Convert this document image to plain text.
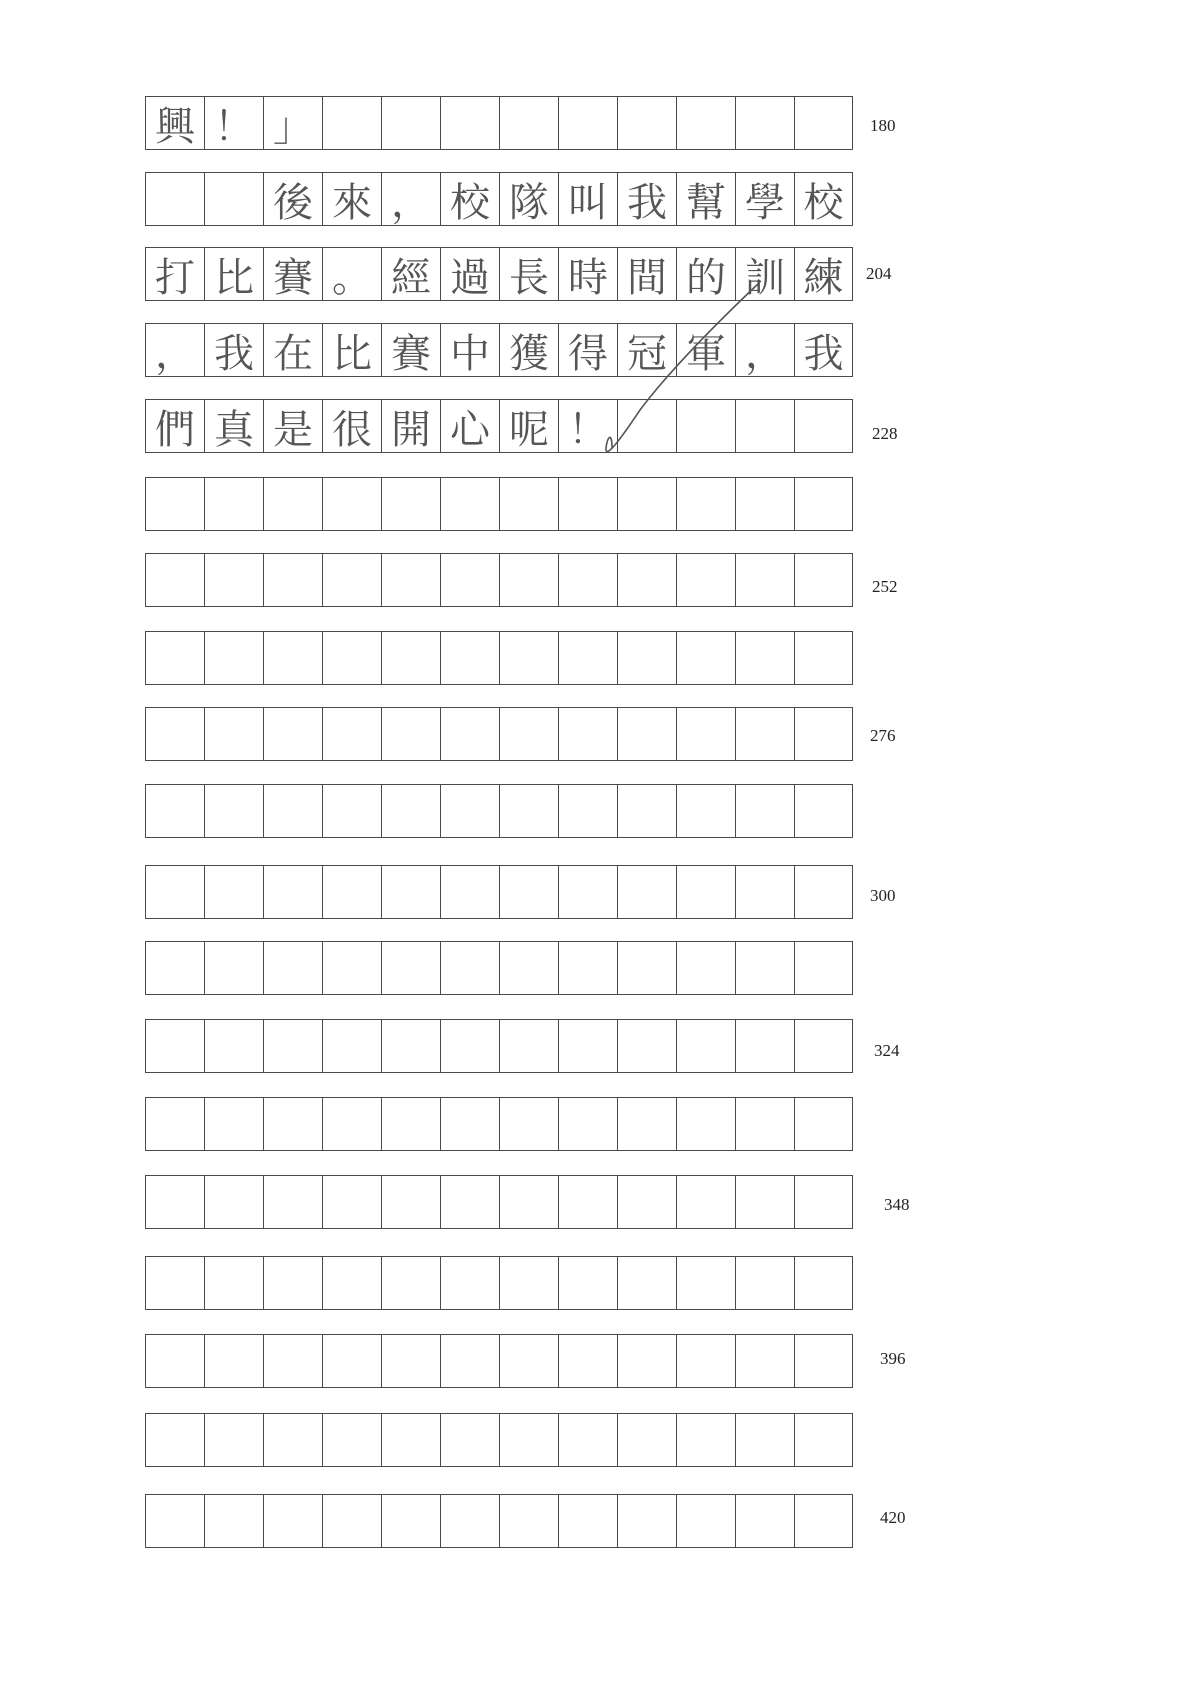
興 ！ 」
後 來 ， 校 隊 叫 我 幫 學 校
打 比 賽 。 經 過 長 時 間 的 訓 練
， 我 在 比 賽 中 獲 得 冠 軍 ， 我
們 真 是 很 開 心 呢 ！
180
204
228
252
276
300
324
348
396
420
